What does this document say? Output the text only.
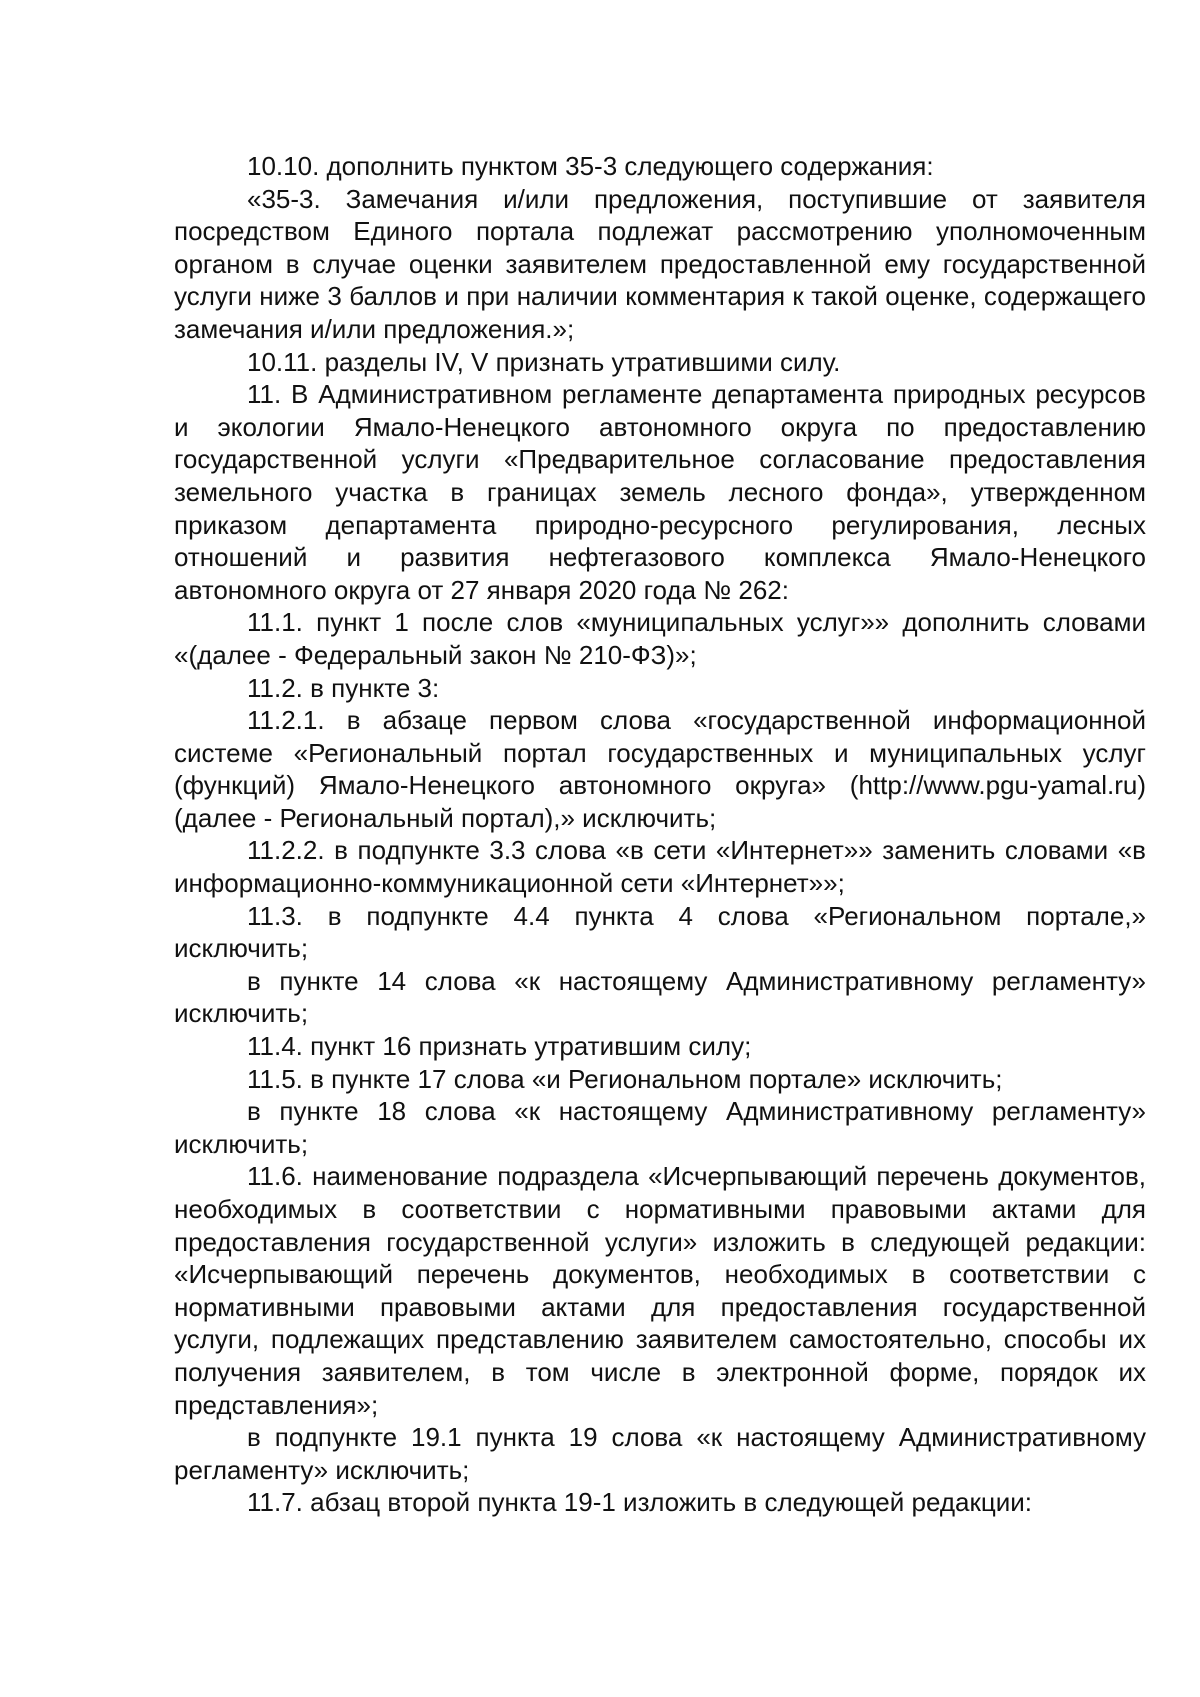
10.10. дополнить пунктом 35-3 следующего содержания:

«35-3. Замечания и/или предложения, поступившие от заявителя посредством Единого портала подлежат рассмотрению уполномоченным органом в случае оценки заявителем предоставленной ему государственной услуги ниже 3 баллов и при наличии комментария к такой оценке, содержащего замечания и/или предложения.»;

10.11. разделы IV, V признать утратившими силу.

11. В Административном регламенте департамента природных ресурсов и экологии Ямало-Ненецкого автономного округа по предоставлению государственной услуги «Предварительное согласование предоставления земельного участка в границах земель лесного фонда», утвержденном приказом департамента природно-ресурсного регулирования, лесных отношений и развития нефтегазового комплекса Ямало-Ненецкого автономного округа от 27 января 2020 года № 262:

11.1. пункт 1 после слов «муниципальных услуг»» дополнить словами «(далее - Федеральный закон № 210-ФЗ)»;

11.2. в пункте 3:

11.2.1. в абзаце первом слова «государственной информационной системе «Региональный портал государственных и муниципальных услуг (функций) Ямало-Ненецкого автономного округа» (http://www.pgu-yamal.ru) (далее - Региональный портал),» исключить;

11.2.2. в подпункте 3.3 слова «в сети «Интернет»» заменить словами «в информационно-коммуникационной сети «Интернет»»;

11.3. в подпункте 4.4 пункта 4 слова «Региональном портале,» исключить;

в пункте 14 слова «к настоящему Административному регламенту» исключить;

11.4. пункт 16 признать утратившим силу;

11.5. в пункте 17 слова «и Региональном портале» исключить;

в пункте 18 слова «к настоящему Административному регламенту» исключить;

11.6. наименование подраздела «Исчерпывающий перечень документов, необходимых в соответствии с нормативными правовыми актами для предоставления государственной услуги» изложить в следующей редакции: «Исчерпывающий перечень документов, необходимых в соответствии с нормативными правовыми актами для предоставления государственной услуги, подлежащих представлению заявителем самостоятельно, способы их получения заявителем, в том числе в электронной форме, порядок их представления»;

в подпункте 19.1 пункта 19 слова «к настоящему Административному регламенту» исключить;

11.7. абзац второй пункта 19-1 изложить в следующей редакции:
